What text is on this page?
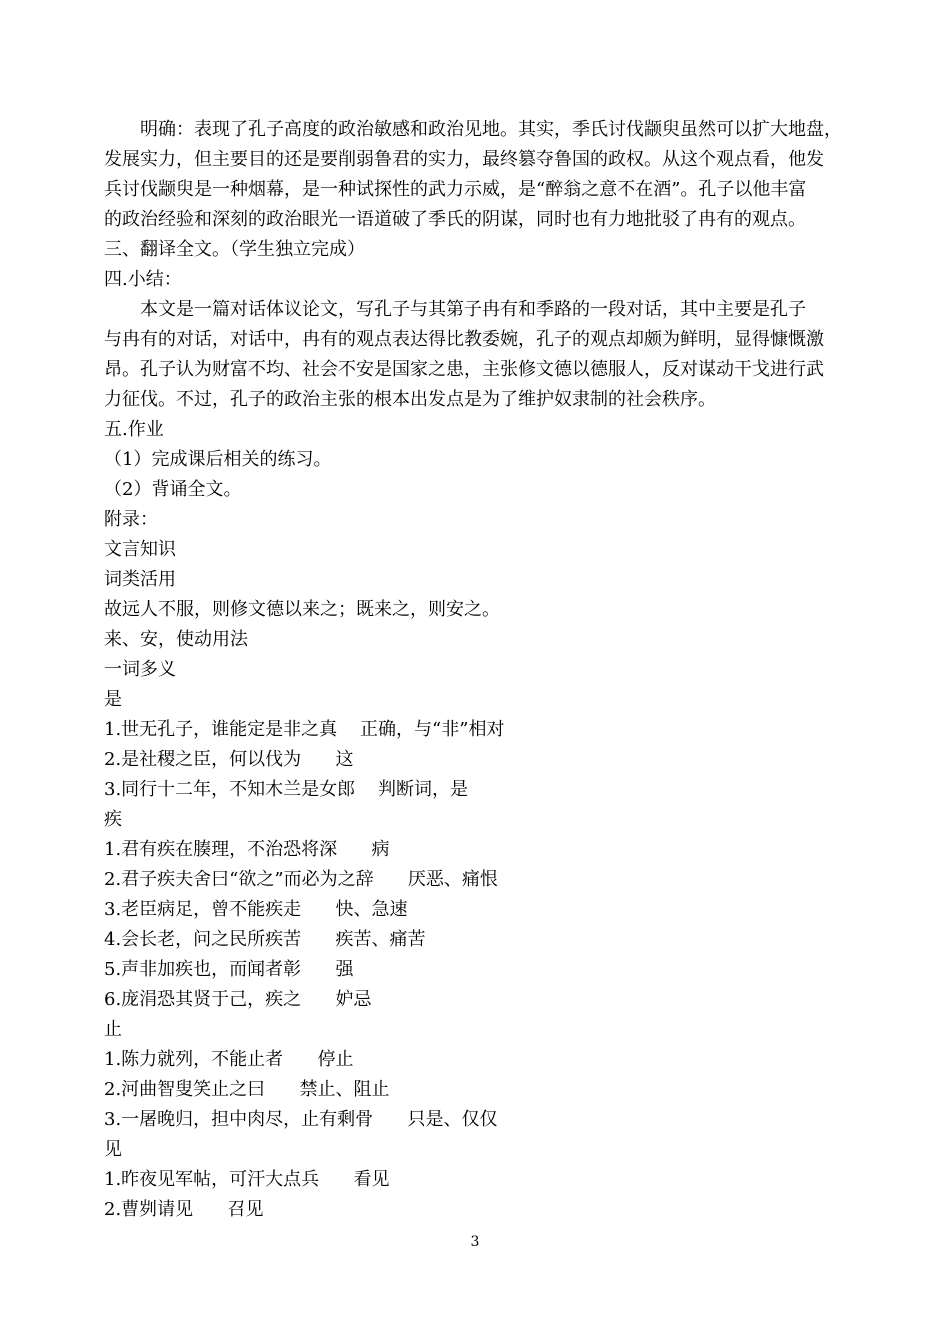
明确：表现了孔子高度的政治敏感和政治见地。其实，季氏讨伐颛臾虽然可以扩大地盘，
发展实力，但主要目的还是要削弱鲁君的实力，最终篡夺鲁国的政权。从这个观点看，他发
兵讨伐颛臾是一种烟幕，是一种试探性的武力示威，是“醉翁之意不在酒”。孔子以他丰富
的政治经验和深刻的政治眼光一语道破了季氏的阴谋，同时也有力地批驳了冉有的观点。
三、翻译全文。（学生独立完成）
四.小结：
本文是一篇对话体议论文，写孔子与其第子冉有和季路的一段对话，其中主要是孔子
与冉有的对话，对话中，冉有的观点表达得比教委婉，孔子的观点却颇为鲜明，显得慷慨激
昂。孔子认为财富不均、社会不安是国家之患，主张修文德以德服人，反对谋动干戈进行武
力征伐。不过，孔子的政治主张的根本出发点是为了维护奴隶制的社会秩序。
五.作业
（1）完成课后相关的练习。
（2）背诵全文。
附录：
文言知识
词类活用
故远人不服，则修文德以来之；既来之，则安之。
来、安，使动用法
一词多义
是
1.世无孔子，谁能定是非之真    正确，与“非”相对
2.是社稷之臣，何以伐为      这
3.同行十二年，不知木兰是女郎    判断词，是
疾
1.君有疾在腠理，不治恐将深      病
2.君子疾夫舍曰“欲之”而必为之辞      厌恶、痛恨
3.老臣病足，曾不能疾走      快、急速
4.会长老，问之民所疾苦      疾苦、痛苦
5.声非加疾也，而闻者彰      强
6.庞涓恐其贤于己，疾之      妒忌
止
1.陈力就列，不能止者      停止
2.河曲智叟笑止之曰      禁止、阻止
3.一屠晚归，担中肉尽，止有剩骨      只是、仅仅
见
1.昨夜见军帖，可汗大点兵      看见
2.曹刿请见      召见
3
